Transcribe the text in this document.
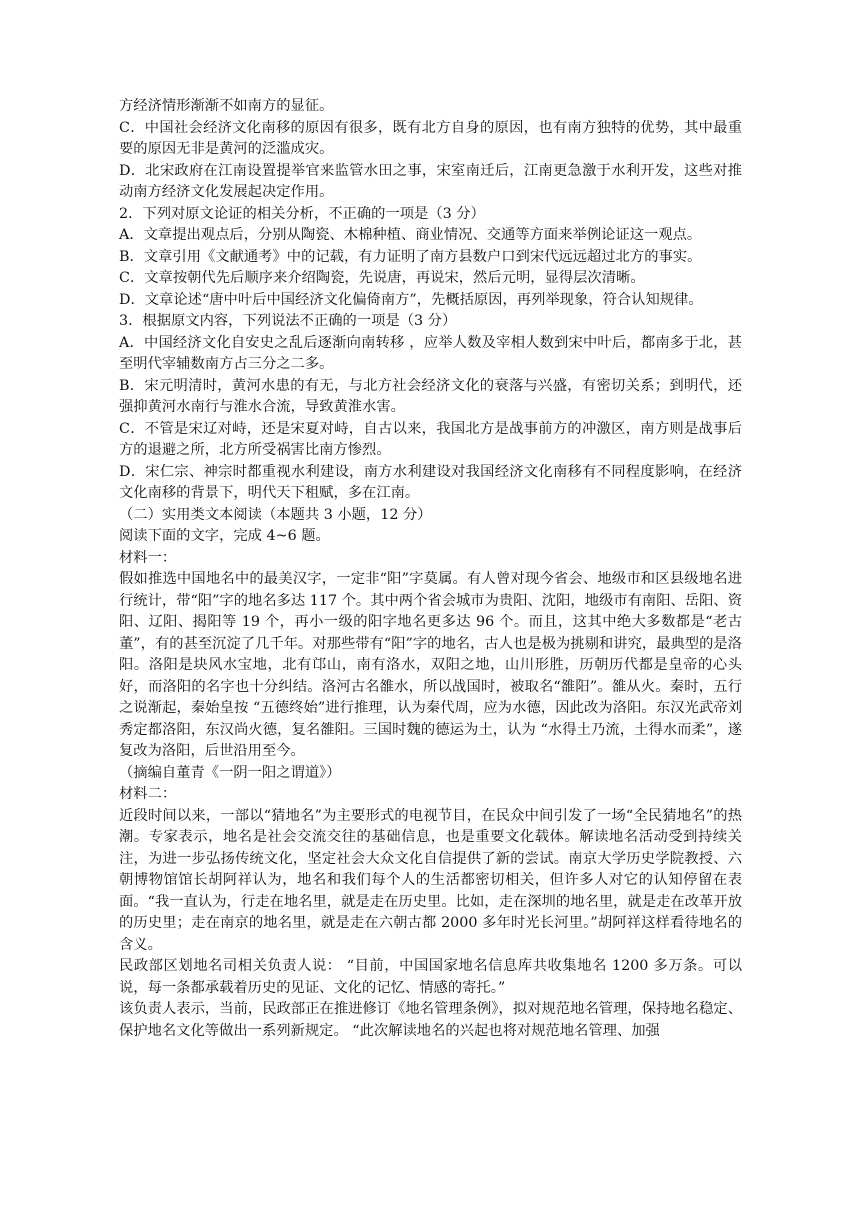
方经济情形渐渐不如南方的显征。

C．中国社会经济文化南移的原因有很多，既有北方自身的原因，也有南方独特的优势，其中最重要的原因无非是黄河的泛滥成灾。

D．北宋政府在江南设置提举官来监管水田之事，宋室南迁后，江南更急激于水利开发，这些对推动南方经济文化发展起决定作用。

2．下列对原文论证的相关分析，不正确的一项是（3 分）

A．文章提出观点后，分别从陶瓷、木棉种植、商业情况、交通等方面来举例论证这一观点。

B．文章引用《文献通考》中的记载，有力证明了南方县数户口到宋代远远超过北方的事实。

C．文章按朝代先后顺序来介绍陶瓷，先说唐，再说宋，然后元明，显得层次清晰。

D．文章论述“唐中叶后中国经济文化偏倚南方”，先概括原因，再列举现象，符合认知规律。

3．根据原文内容，下列说法不正确的一项是（3 分）

A．中国经济文化自安史之乱后逐渐向南转移 ，应举人数及宰相人数到宋中叶后，都南多于北，甚至明代宰辅数南方占三分之二多。

B．宋元明清时，黄河水患的有无，与北方社会经济文化的衰落与兴盛，有密切关系；到明代，还强抑黄河水南行与淮水合流，导致黄淮水害。

C．不管是宋辽对峙，还是宋夏对峙，自古以来，我国北方是战事前方的冲激区，南方则是战事后方的退避之所，北方所受祸害比南方惨烈。

D．宋仁宗、神宗时都重视水利建设，南方水利建设对我国经济文化南移有不同程度影响，在经济文化南移的背景下，明代天下租赋，多在江南。

（二）实用类文本阅读（本题共 3 小题，12 分）

阅读下面的文字，完成 4~6 题。

材料一：

假如推选中国地名中的最美汉字，一定非“阳”字莫属。有人曾对现今省会、地级市和区县级地名进行统计，带“阳”字的地名多达 117 个。其中两个省会城市为贵阳、沈阳，地级市有南阳、岳阳、资阳、辽阳、揭阳等 19 个，再小一级的阳字地名更多达 96 个。而且，这其中绝大多数都是“老古董”，有的甚至沉淀了几千年。对那些带有“阳”字的地名，古人也是极为挑剔和讲究，最典型的是洛阳。洛阳是块风水宝地，北有邙山，南有洛水，双阳之地，山川形胜，历朝历代都是皇帝的心头好，而洛阳的名字也十分纠结。洛河古名雒水，所以战国时，被取名“雒阳”。雒从火。秦时，五行之说渐起，秦始皇按 “五德终始”进行推理，认为秦代周，应为水德，因此改为洛阳。东汉光武帝刘秀定都洛阳，东汉尚火德，复名雒阳。三国时魏的德运为土，认为 “水得土乃流，土得水而柔”，遂复改为洛阳，后世沿用至今。

（摘编自董青《一阴一阳之谓道》）

材料二：

近段时间以来，一部以“猜地名”为主要形式的电视节目，在民众中间引发了一场“全民猜地名”的热潮。专家表示，地名是社会交流交往的基础信息，也是重要文化载体。解读地名活动受到持续关注，为进一步弘扬传统文化，坚定社会大众文化自信提供了新的尝试。南京大学历史学院教授、六朝博物馆馆长胡阿祥认为，地名和我们每个人的生活都密切相关，但许多人对它的认知停留在表面。“我一直认为，行走在地名里，就是走在历史里。比如，走在深圳的地名里，就是走在改革开放的历史里；走在南京的地名里，就是走在六朝古都 2000 多年时光长河里。”胡阿祥这样看待地名的含义。

民政部区划地名司相关负责人说： “目前，中国国家地名信息库共收集地名 1200 多万条。可以说，每一条都承载着历史的见证、文化的记忆、情感的寄托。”

该负责人表示，当前，民政部正在推进修订《地名管理条例》，拟对规范地名管理，保持地名稳定、保护地名文化等做出一系列新规定。 “此次解读地名的兴起也将对规范地名管理、加强
